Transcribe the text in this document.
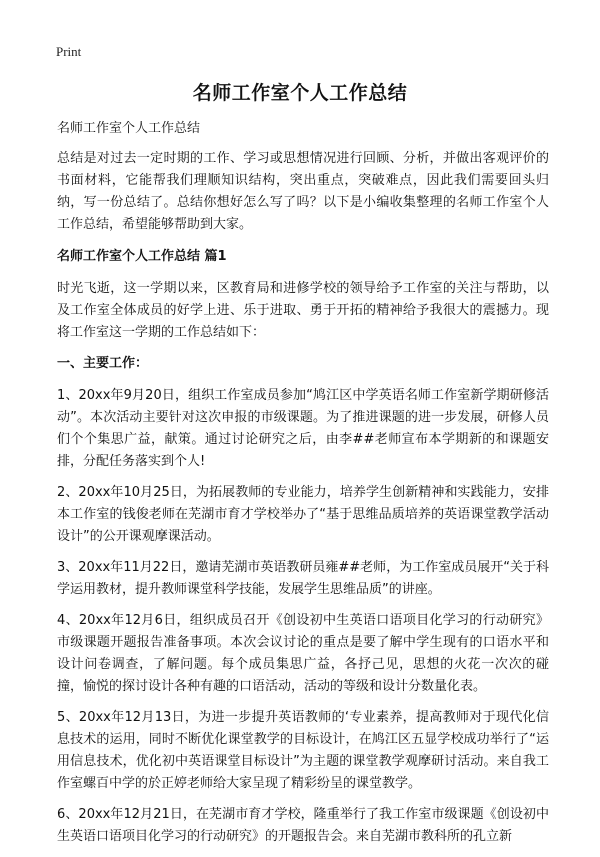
Print
名师工作室个人工作总结

名师工作室个人工作总结

总结是对过去一定时期的工作、学习或思想情况进行回顾、分析，并做出客观评价的书面材料，它能帮我们理顺知识结构，突出重点，突破难点，因此我们需要回头归纳，写一份总结了。总结你想好怎么写了吗？以下是小编收集整理的名师工作室个人工作总结，希望能够帮助到大家。

名师工作室个人工作总结 篇1

时光飞逝，这一学期以来，区教育局和进修学校的领导给予工作室的关注与帮助，以及工作室全体成员的好学上进、乐于进取、勇于开拓的精神给予我很大的震撼力。现将工作室这一学期的工作总结如下：

一、主要工作：

1、20xx年9月20日，组织工作室成员参加“鸠江区中学英语名师工作室新学期研修活动”。本次活动主要针对这次申报的市级课题。为了推进课题的进一步发展，研修人员们个个集思广益，献策。通过讨论研究之后，由李##老师宣布本学期新的和课题安排，分配任务落实到个人!

2、20xx年10月25日，为拓展教师的专业能力，培养学生创新精神和实践能力，安排本工作室的钱俊老师在芜湖市育才学校举办了“基于思维品质培养的英语课堂教学活动设计”的公开课观摩课活动。

3、20xx年11月22日，邀请芜湖市英语教研员雍##老师，为工作室成员展开“关于科学运用教材，提升教师课堂科学技能，发展学生思维品质”的讲座。

4、20xx年12月6日，组织成员召开《创设初中生英语口语项目化学习的行动研究》市级课题开题报告准备事项。本次会议讨论的重点是要了解中学生现有的口语水平和设计问卷调查，了解问题。每个成员集思广益，各抒己见，思想的火花一次次的碰撞，愉悦的探讨设计各种有趣的口语活动，活动的等级和设计分数量化表。

5、20xx年12月13日，为进一步提升英语教师的‘专业素养，提高教师对于现代化信息技术的运用，同时不断优化课堂教学的目标设计，在鸠江区五显学校成功举行了“运用信息技术，优化初中英语课堂目标设计”为主题的课堂教学观摩研讨活动。来自我工作室螺百中学的於正婷老师给大家呈现了精彩纷呈的课堂教学。

6、20xx年12月21日，在芜湖市育才学校，隆重举行了我工作室市级课题《创设初中生英语口语项目化学习的行动研究》的开题报告会。来自芜湖市教科所的孔立新
